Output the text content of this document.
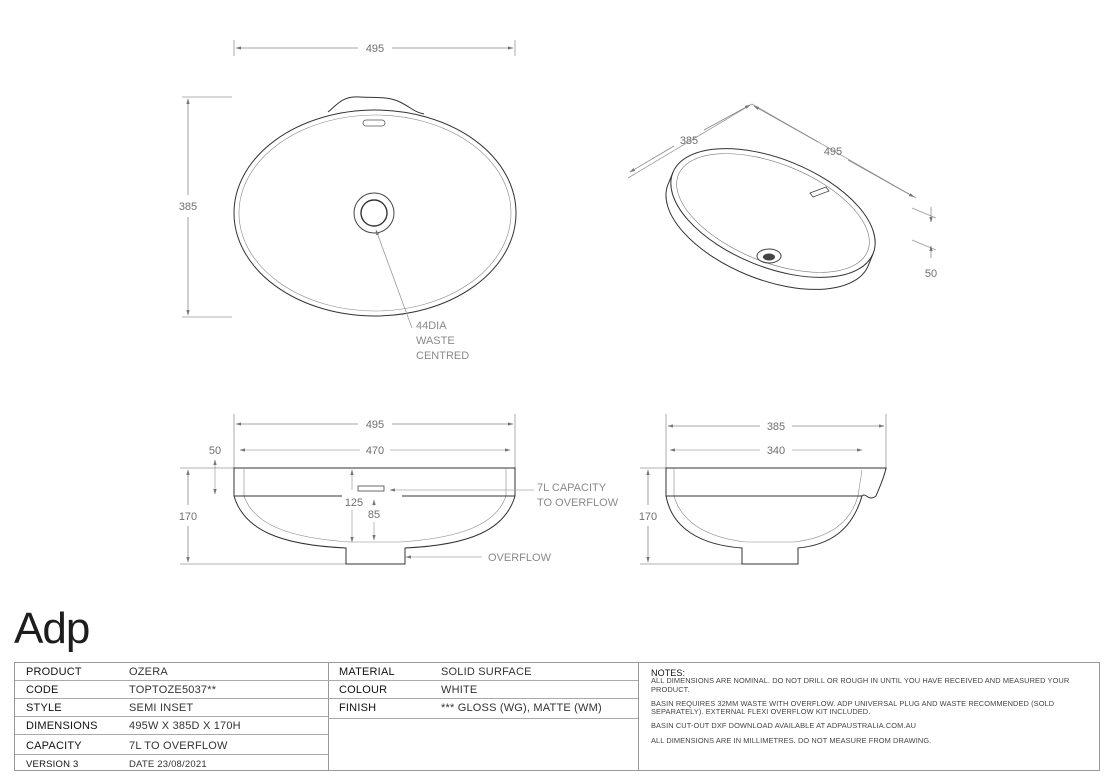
495
385
44DIA
WASTE
CENTRED
385
495
50
495
470
50
170
125
85
7L CAPACITY
TO OVERFLOW
OVERFLOW
385
340
170
Adp
PRODUCT	OZERA
CODE	TOPTOZE5037**
STYLE	SEMI INSET
DIMENSIONS	495W X 385D X 170H
CAPACITY	7L TO OVERFLOW
VERSION 3	DATE 23/08/2021
MATERIAL	SOLID SURFACE
COLOUR	WHITE
FINISH	*** GLOSS (WG), MATTE (WM)
NOTES:

ALL DIMENSIONS ARE NOMINAL. DO NOT DRILL OR ROUGH IN UNTIL YOU HAVE RECEIVED AND MEASURED YOUR PRODUCT.

BASIN REQUIRES 32MM WASTE WITH OVERFLOW. ADP UNIVERSAL PLUG AND WASTE RECOMMENDED (SOLD SEPARATELY). EXTERNAL FLEXI OVERFLOW KIT INCLUDED.

BASIN CUT-OUT DXF DOWNLOAD AVAILABLE AT ADPAUSTRALIA.COM.AU

ALL DIMENSIONS ARE IN MILLIMETRES. DO NOT MEASURE FROM DRAWING.
